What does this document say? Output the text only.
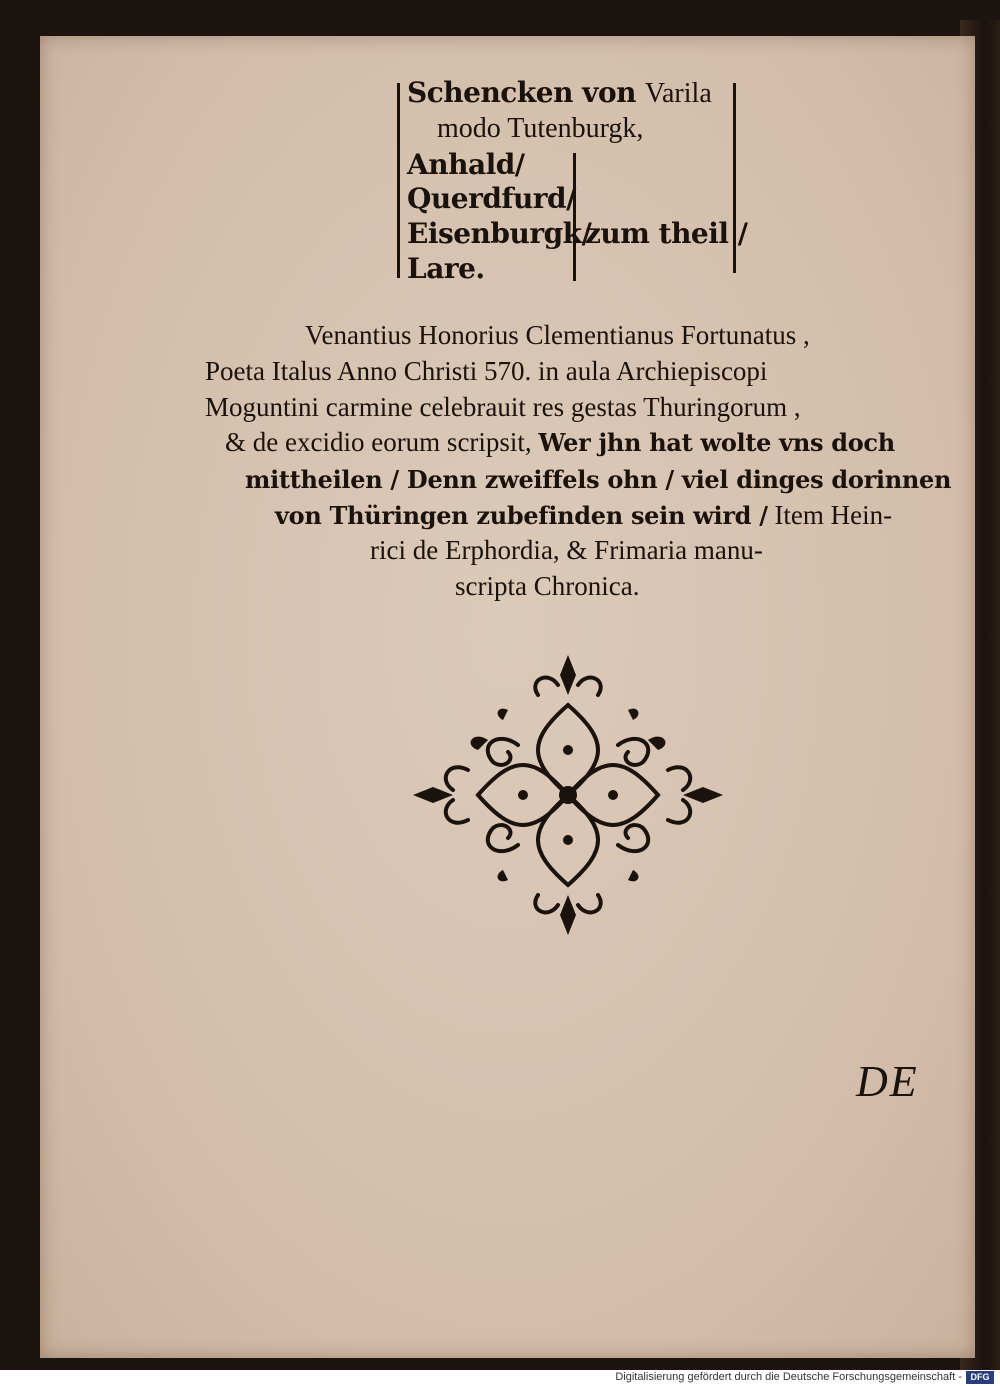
Schencken von Varila
modo Tutenburgk,
Anhald/
Querdfurd/
Eisenburgk/
zum theil /
Lare.
Venantius Honorius Clementianus Fortunatus ,
Poeta Italus Anno Christi 570. in aula Archiepiscopi
Moguntini carmine celebrauit res gestas Thuringorum ,
& de excidio eorum scripsit, Wer jhn hat wolte vns doch
mittheilen / Denn zweiffels ohn / viel dinges dorinnen
von Thüringen zubefinden sein wird / Item Hein-
rici de Erphordia, & Frimaria manu-
scripta Chronica.
DE
Digitalisierung gefördert durch die Deutsche Forschungsgemeinschaft - DFG
